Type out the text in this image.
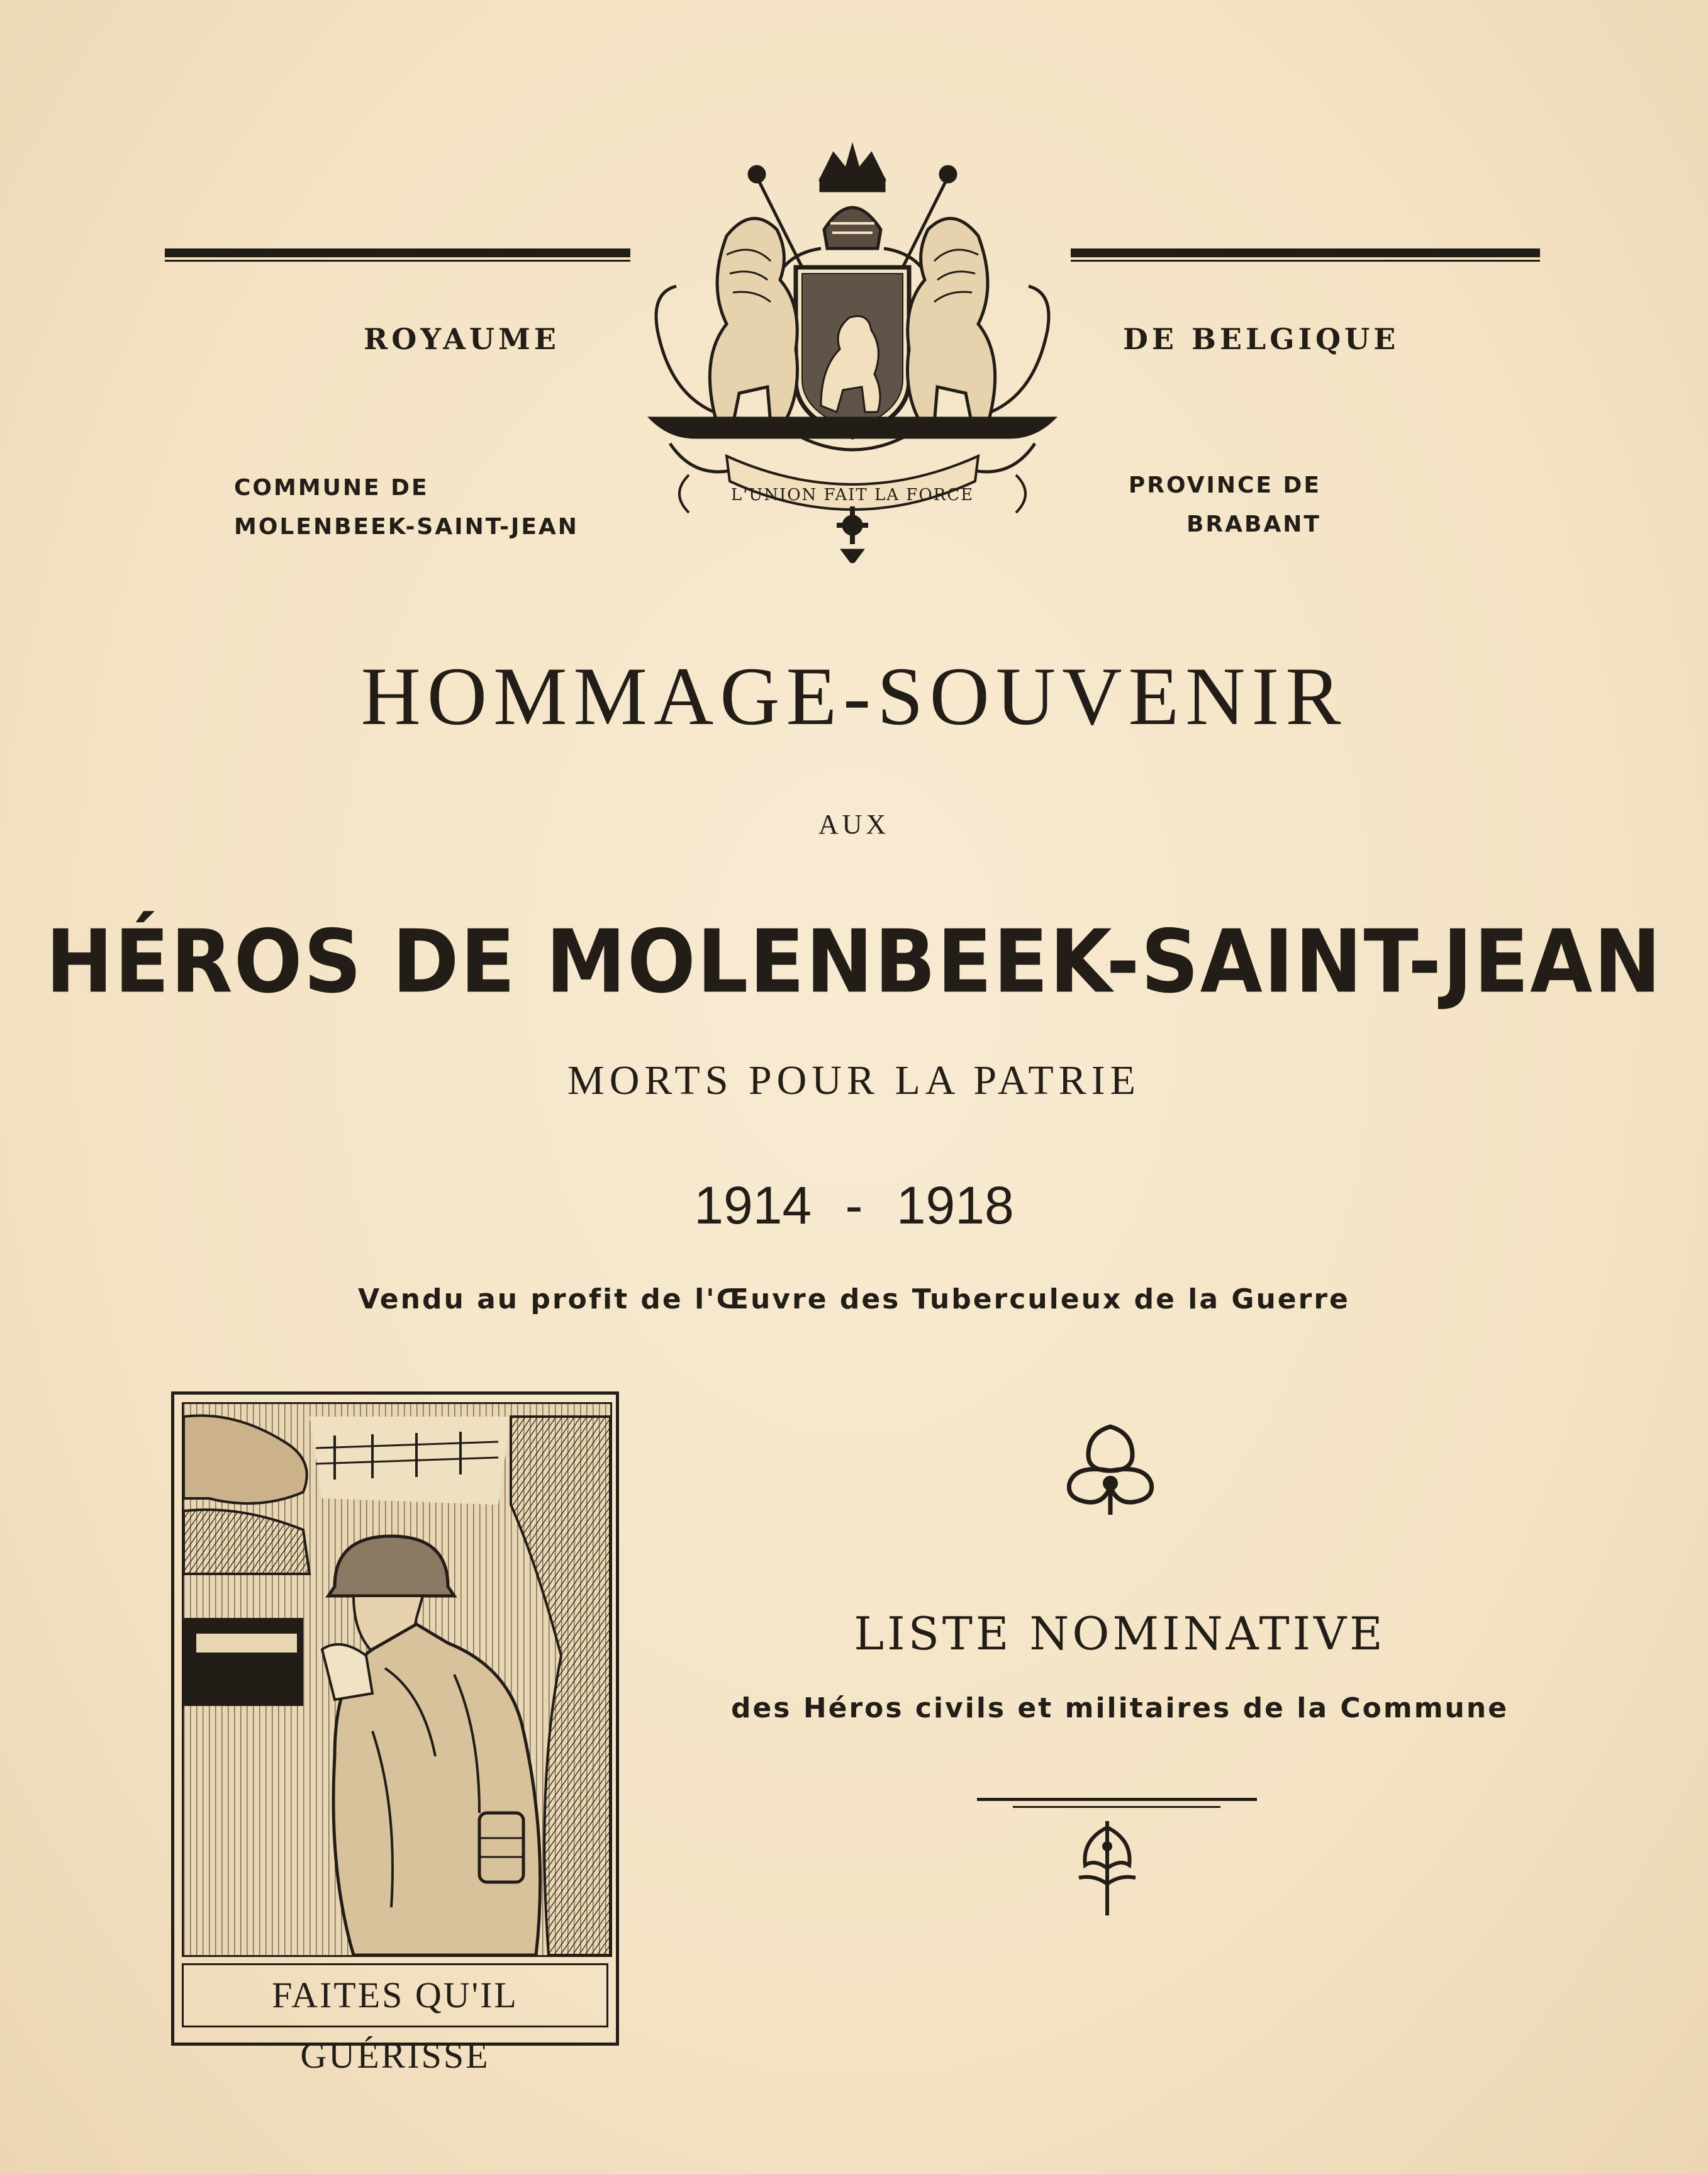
L'UNION FAIT LA FORCE
ROYAUME	DE BELGIQUE
COMMUNE DE
MOLENBEEK-SAINT-JEAN
PROVINCE DE
BRABANT
HOMMAGE-SOUVENIR
AUX
HÉROS DE MOLENBEEK-SAINT-JEAN
MORTS POUR LA PATRIE
1914 - 1918
Vendu au profit de l'Œuvre des Tuberculeux de la Guerre
FAITES QU'IL GUÉRISSE
LISTE NOMINATIVE
des Héros civils et militaires de la Commune
